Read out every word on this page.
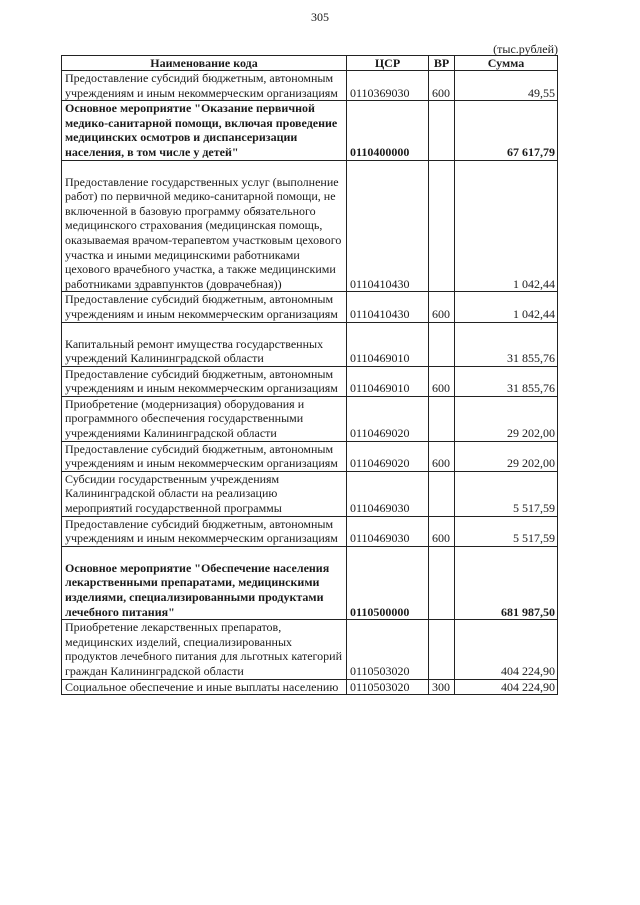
305
(тыс.рублей)
Наименование кода	ЦСР	ВР	Сумма
Предоставление субсидий бюджетным, автономным учреждениям и иным некоммерческим организациям	0110369030	600	49,55
Основное мероприятие "Оказание первичной медико-санитарной помощи, включая проведение медицинских осмотров и диспансеризации населения, в том числе у детей"	0110400000		67 617,79
Предоставление государственных услуг (выполнение работ) по первичной медико-санитарной помощи, не включенной в базовую программу обязательного медицинского страхования (медицинская помощь, оказываемая врачом-терапевтом участковым цехового участка и иными медицинскими работниками цехового врачебного участка, а также медицинскими работниками здравпунктов (доврачебная))	0110410430		1 042,44
Предоставление субсидий бюджетным, автономным учреждениям и иным некоммерческим организациям	0110410430	600	1 042,44
Капитальный ремонт имущества государственных учреждений Калининградской области	0110469010		31 855,76
Предоставление субсидий бюджетным, автономным учреждениям и иным некоммерческим организациям	0110469010	600	31 855,76
Приобретение (модернизация) оборудования и программного обеспечения государственными учреждениями Калининградской области	0110469020		29 202,00
Предоставление субсидий бюджетным, автономным учреждениям и иным некоммерческим организациям	0110469020	600	29 202,00
Субсидии государственным учреждениям Калининградской области на реализацию мероприятий государственной программы	0110469030		5 517,59
Предоставление субсидий бюджетным, автономным учреждениям и иным некоммерческим организациям	0110469030	600	5 517,59
Основное мероприятие "Обеспечение населения лекарственными препаратами, медицинскими изделиями, специализированными продуктами лечебного питания"	0110500000		681 987,50
Приобретение лекарственных препаратов, медицинских изделий, специализированных продуктов лечебного питания для льготных категорий граждан Калининградской области	0110503020		404 224,90
Социальное обеспечение и иные выплаты населению	0110503020	300	404 224,90
